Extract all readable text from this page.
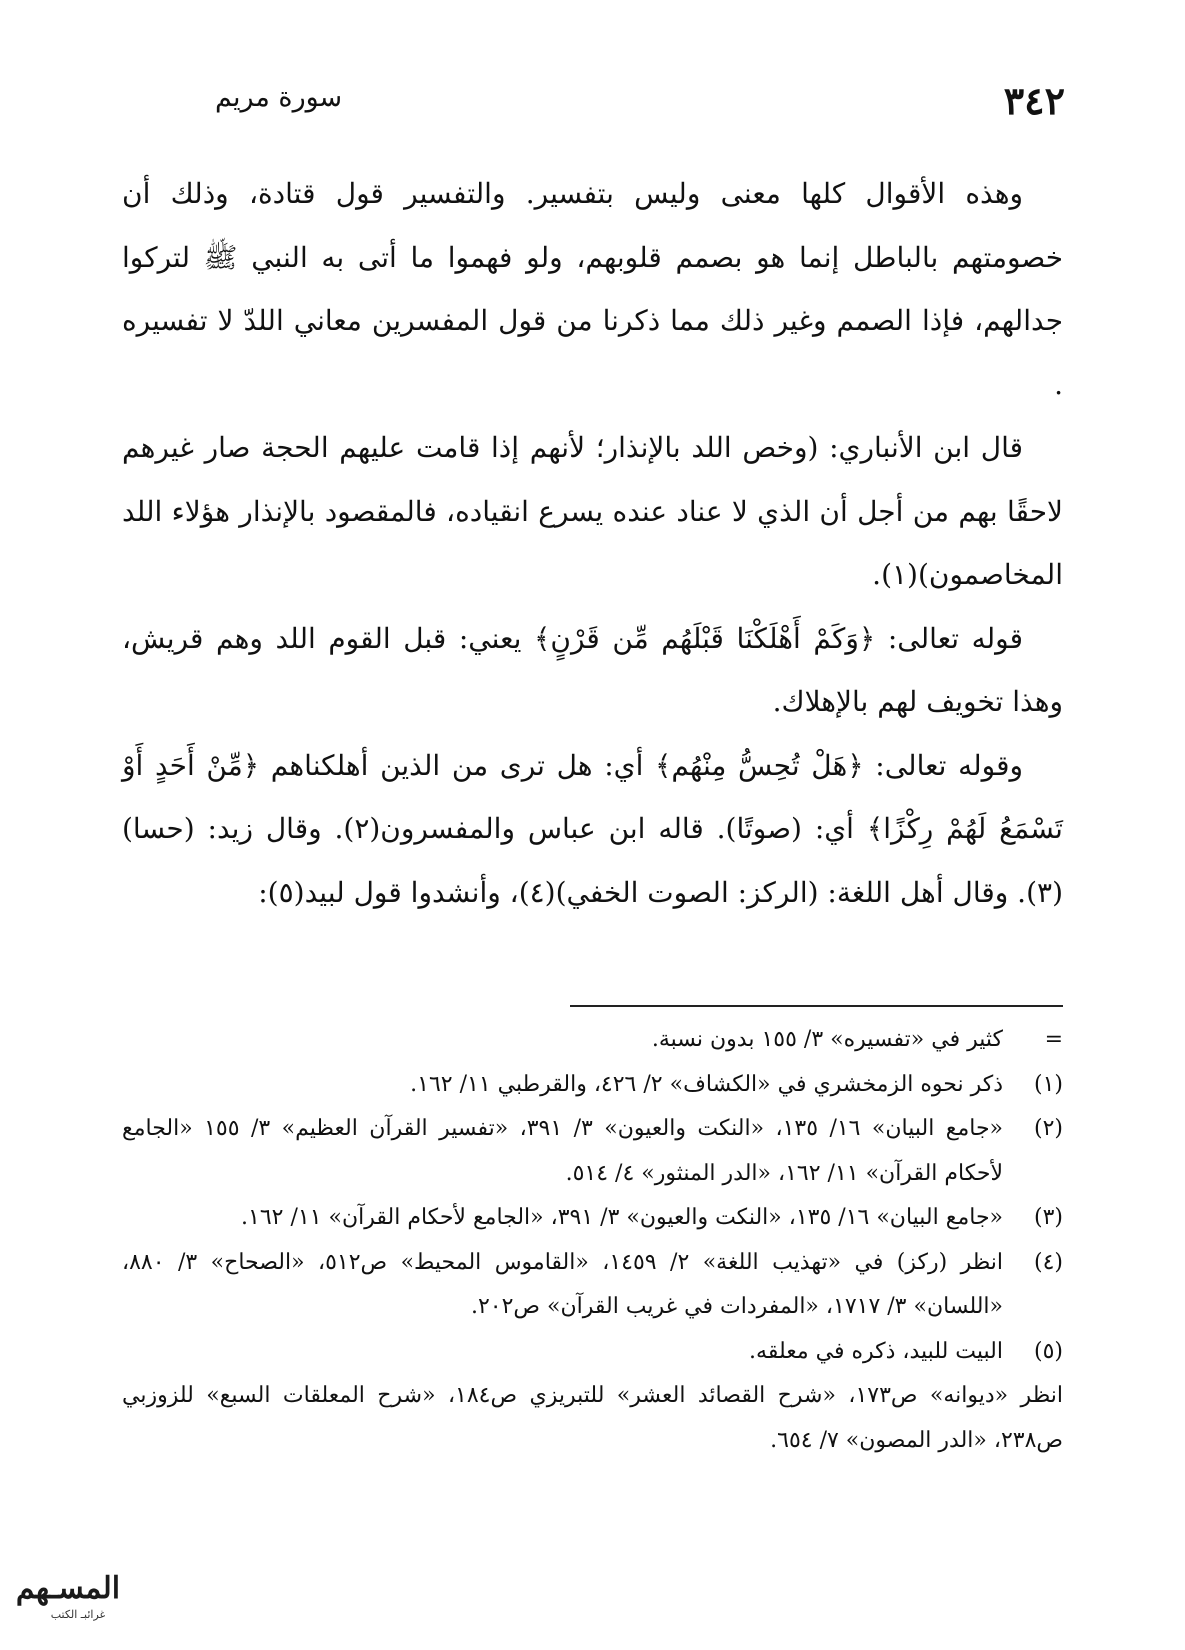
٣٤٢
سورة مريم

وهذه الأقوال كلها معنى وليس بتفسير. والتفسير قول قتادة، وذلك أن خصومتهم بالباطل إنما هو بصمم قلوبهم، ولو فهموا ما أتى به النبي ﷺ لتركوا جدالهم، فإذا الصمم وغير ذلك مما ذكرنا من قول المفسرين معاني اللدّ لا تفسيره .

قال ابن الأنباري: (وخص اللد بالإنذار؛ لأنهم إذا قامت عليهم الحجة صار غيرهم لاحقًا بهم من أجل أن الذي لا عناد عنده يسرع انقياده، فالمقصود بالإنذار هؤلاء اللد المخاصمون)(١).

قوله تعالى: ﴿وَكَمْ أَهْلَكْنَا قَبْلَهُم مِّن قَرْنٍ﴾ يعني: قبل القوم اللد وهم قريش، وهذا تخويف لهم بالإهلاك.

وقوله تعالى: ﴿هَلْ تُحِسُّ مِنْهُم﴾ أي: هل ترى من الذين أهلكناهم ﴿مِّنْ أَحَدٍ أَوْ تَسْمَعُ لَهُمْ رِكْزًا﴾ أي: (صوتًا). قاله ابن عباس والمفسرون(٢). وقال زيد: (حسا)(٣). وقال أهل اللغة: (الركز: الصوت الخفي)(٤)، وأنشدوا قول لبيد(٥):

=
كثير في «تفسيره» ٣/ ١٥٥ بدون نسبة.
(١)
ذكر نحوه الزمخشري في «الكشاف» ٢/ ٤٢٦، والقرطبي ١١/ ١٦٢.
(٢)
«جامع البيان» ١٦/ ١٣٥، «النكت والعيون» ٣/ ٣٩١، «تفسير القرآن العظيم» ٣/ ١٥٥ «الجامع لأحكام القرآن» ١١/ ١٦٢، «الدر المنثور» ٤/ ٥١٤.
(٣)
«جامع البيان» ١٦/ ١٣٥، «النكت والعيون» ٣/ ٣٩١، «الجامع لأحكام القرآن» ١١/ ١٦٢.
(٤)
انظر (ركز) في «تهذيب اللغة» ٢/ ١٤٥٩، «القاموس المحيط» ص٥١٢، «الصحاح» ٣/ ٨٨٠، «اللسان» ٣/ ١٧١٧، «المفردات في غريب القرآن» ص٢٠٢.
(٥)
البيت للبيد، ذكره في معلقه.
انظر «ديوانه» ص١٧٣، «شرح القصائد العشر» للتبريزي ص١٨٤، «شرح المعلقات السبع» للزوزبي ص٢٣٨، «الدر المصون» ٧/ ٦٥٤.
المسـهم
غرائبـ الكتب
